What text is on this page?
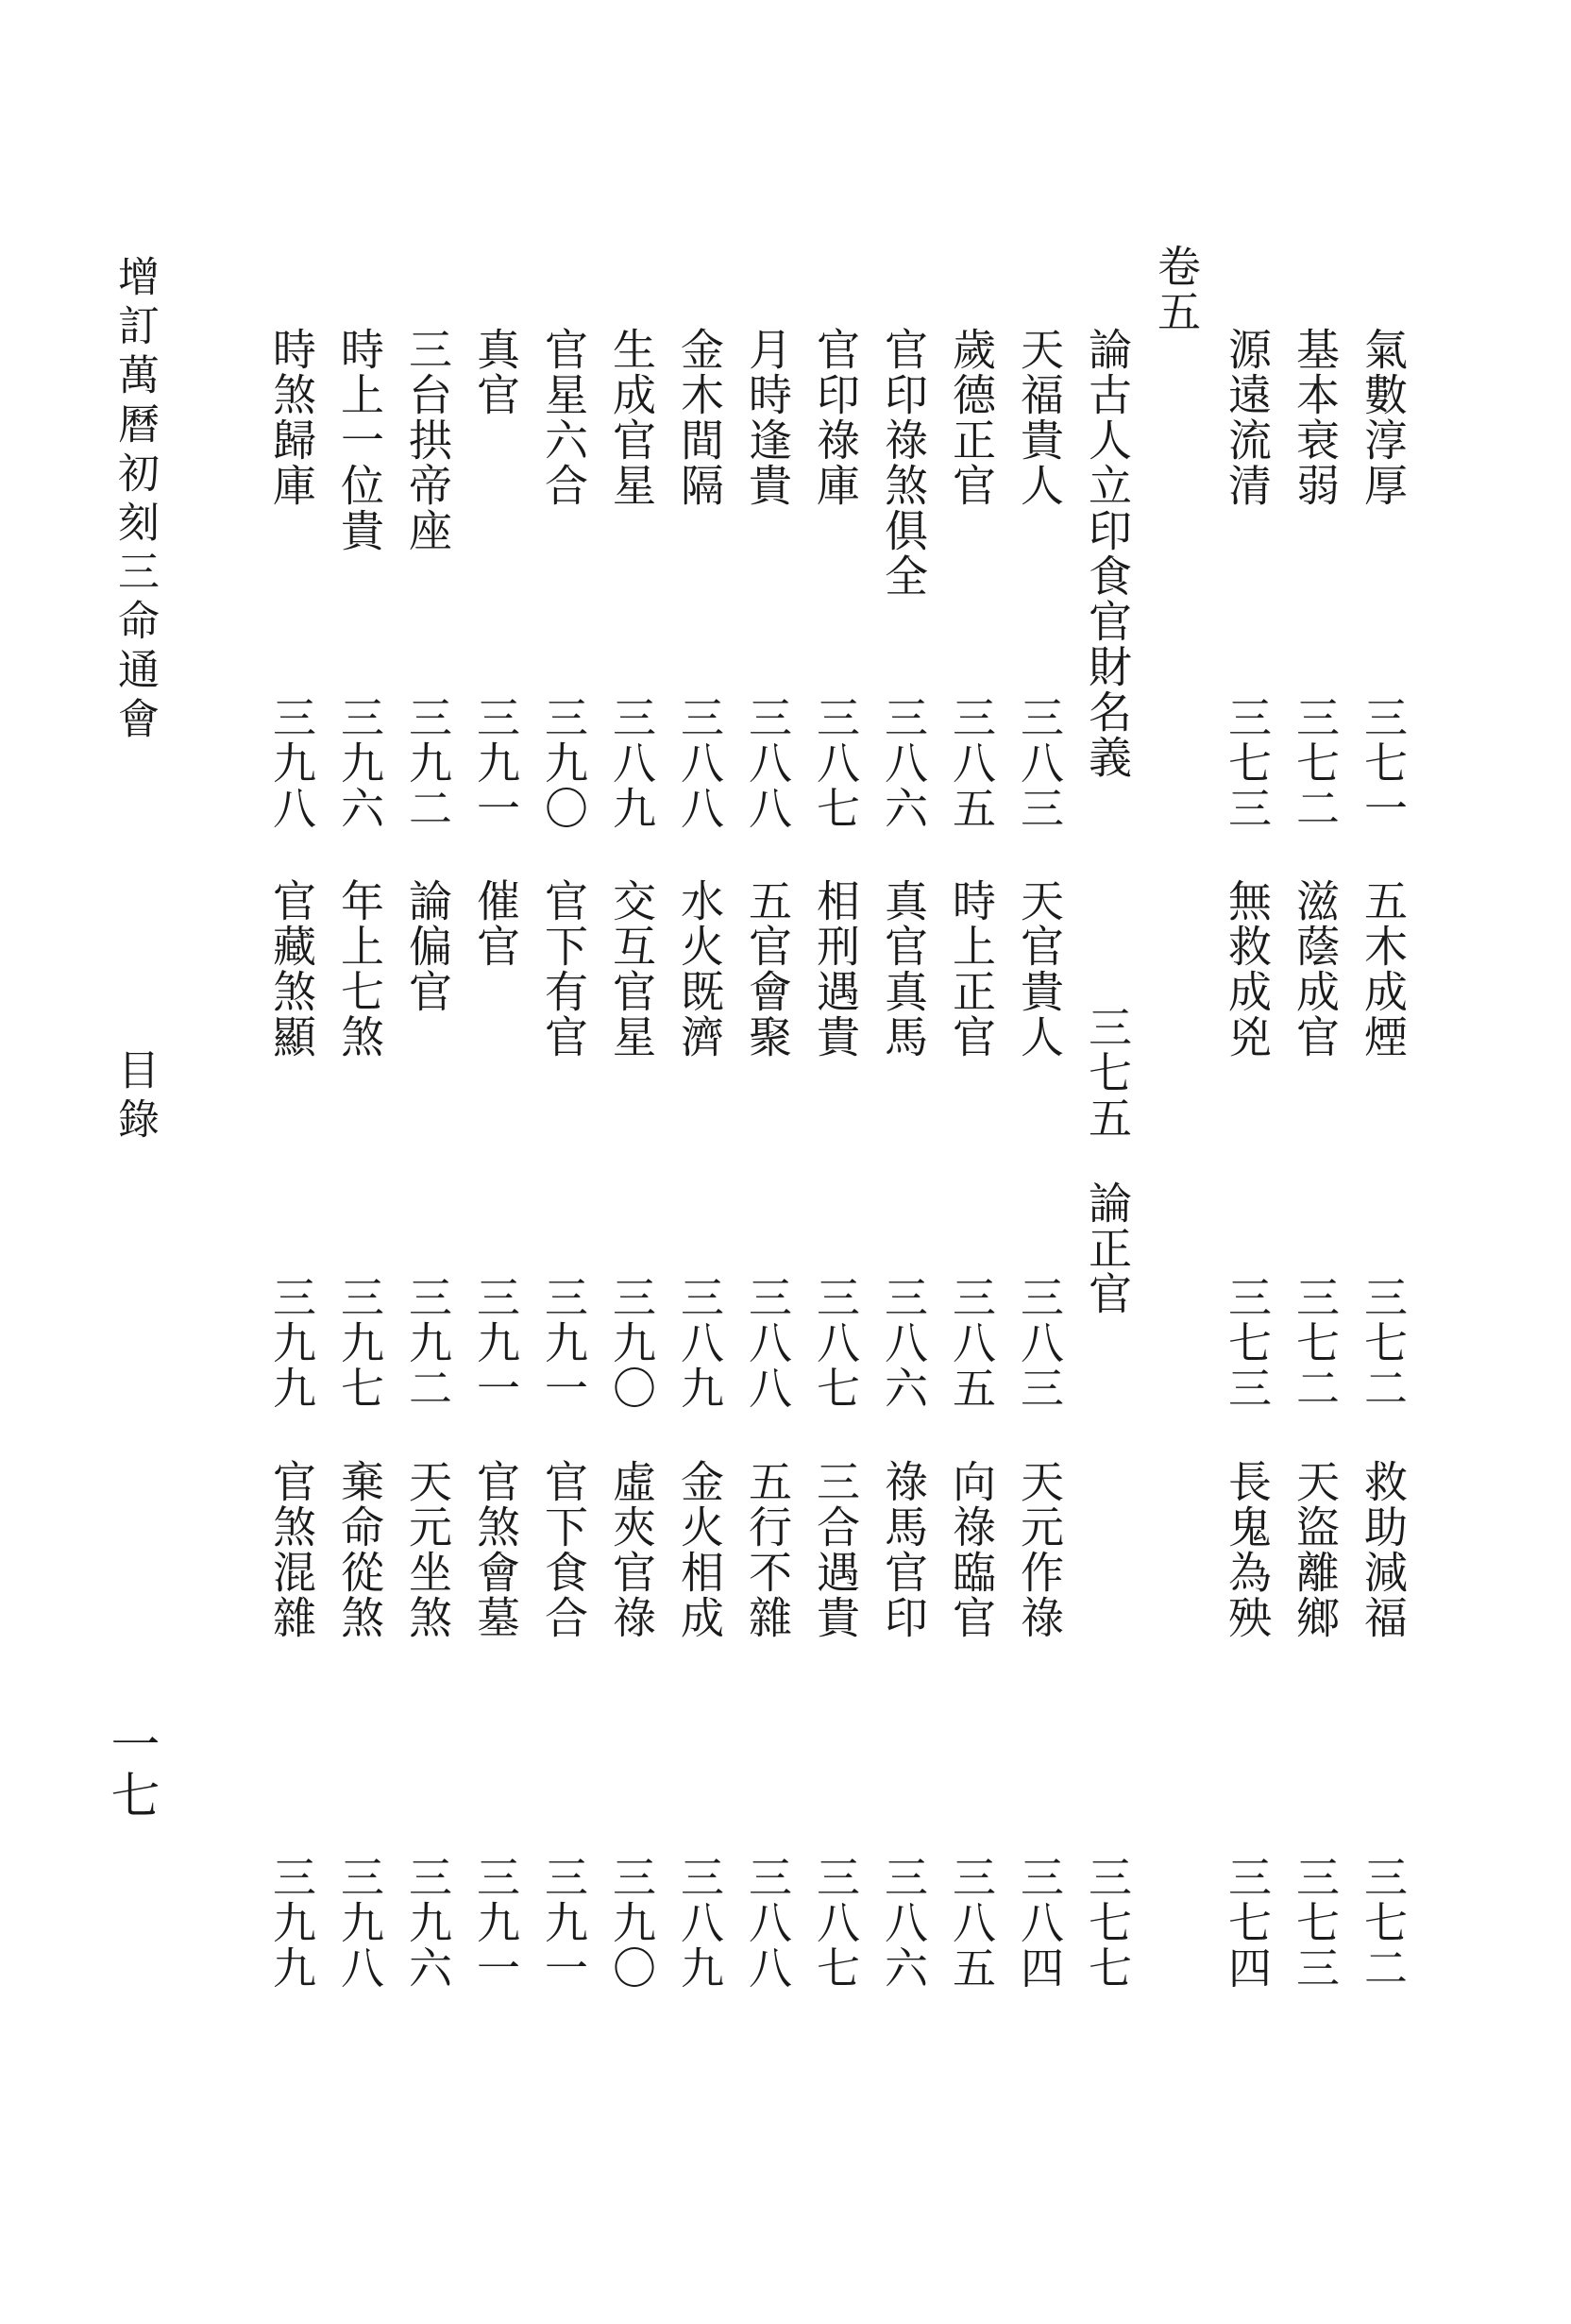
增訂萬曆初刻三命通會
目錄
一七
卷五
論古人立印食官財名義
三七五
論正官
三七七
氣數淳厚
三七一
五木成煙
三七二
救助減福
三七二
基本衰弱
三七二
滋蔭成官
三七二
天盜離鄉
三七三
源遠流清
三七三
無救成兇
三七三
長鬼為殃
三七四
天福貴人
三八三
天官貴人
三八三
天元作祿
三八四
歲德正官
三八五
時上正官
三八五
向祿臨官
三八五
官印祿煞俱全
三八六
真官真馬
三八六
祿馬官印
三八六
官印祿庫
三八七
相刑遇貴
三八七
三合遇貴
三八七
月時逢貴
三八八
五官會聚
三八八
五行不雜
三八八
金木間隔
三八八
水火既濟
三八九
金火相成
三八九
生成官星
三八九
交互官星
三九〇
虛夾官祿
三九〇
官星六合
三九〇
官下有官
三九一
官下食合
三九一
真官
三九一
催官
三九一
官煞會墓
三九一
三台拱帝座
三九二
論偏官
三九二
天元坐煞
三九六
時上一位貴
三九六
年上七煞
三九七
棄命從煞
三九八
時煞歸庫
三九八
官藏煞顯
三九九
官煞混雜
三九九
